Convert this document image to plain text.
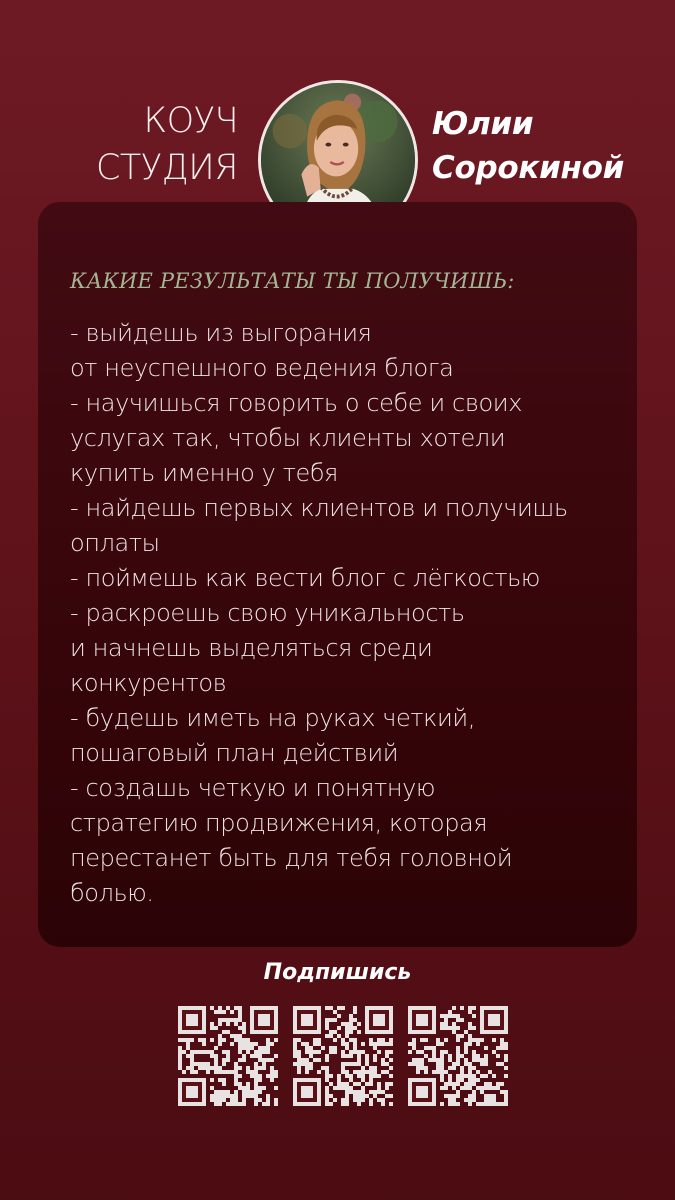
КОУЧ
СТУДИЯ
Юлии
Сорокиной
КАКИЕ РЕЗУЛЬТАТЫ ТЫ ПОЛУЧИШЬ:
- выйдешь из выгорания
от неуспешного ведения блога
- научишься говорить о себе и своих
услугах так, чтобы клиенты хотели
купить именно у тебя
- найдешь первых клиентов и получишь
оплаты
- поймешь как вести блог с лёгкостью
- раскроешь свою уникальность
и начнешь выделяться среди
конкурентов
- будешь иметь на руках четкий,
пошаговый план действий
- создашь четкую и понятную
стратегию продвижения, которая
перестанет быть для тебя головной
болью.
Подпишись
